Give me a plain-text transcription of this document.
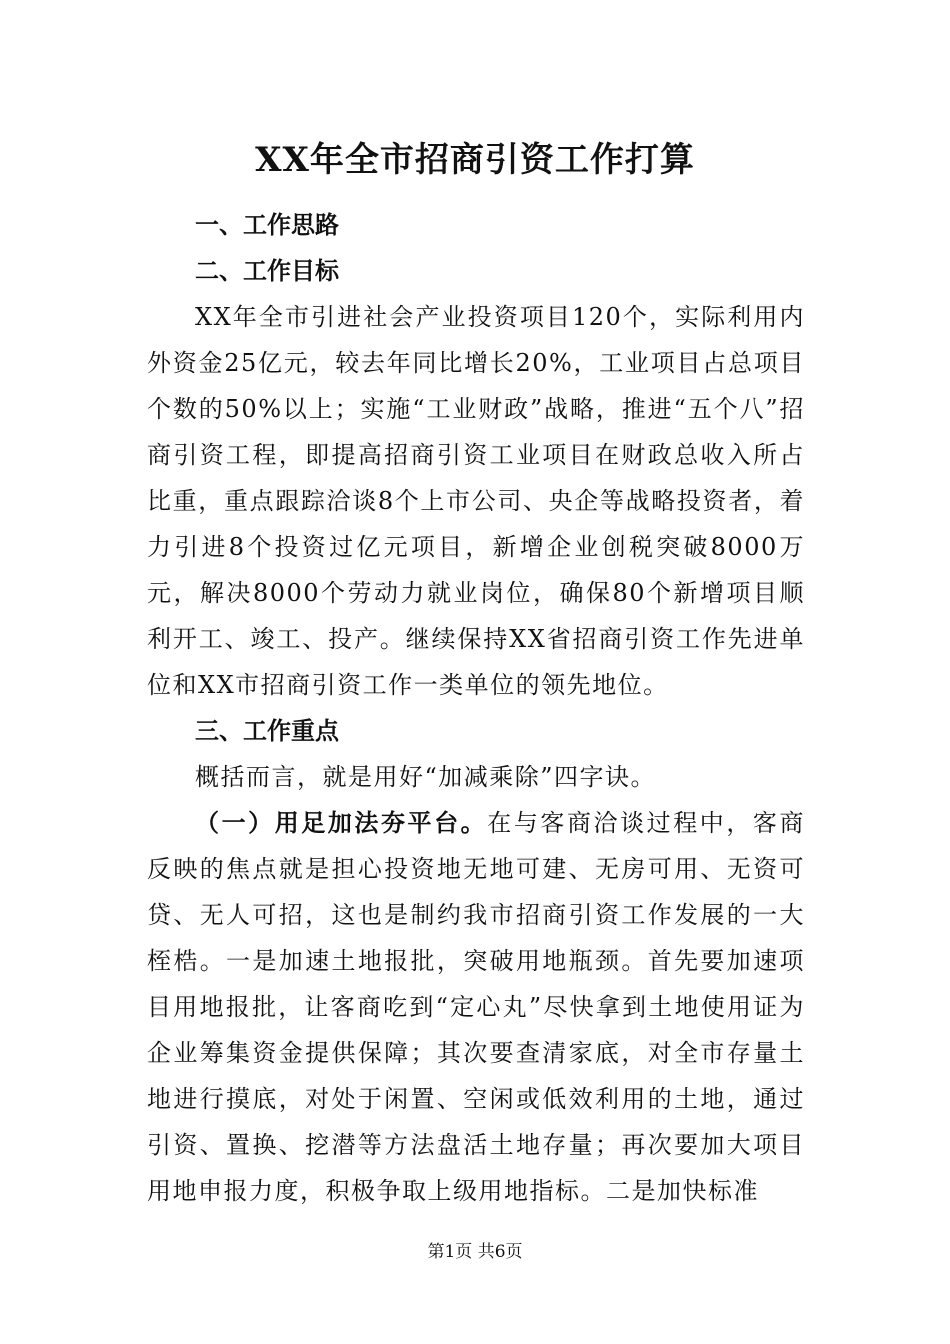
XX年全市招商引资工作打算

一、工作思路

二、工作目标

XX年全市引进社会产业投资项目120个，实际利用内外资金25亿元，较去年同比增长20%，工业项目占总项目个数的50%以上；实施“工业财政”战略，推进“五个八”招商引资工程，即提高招商引资工业项目在财政总收入所占比重，重点跟踪洽谈8个上市公司、央企等战略投资者，着力引进8个投资过亿元项目，新增企业创税突破8000万元，解决8000个劳动力就业岗位，确保80个新增项目顺利开工、竣工、投产。继续保持XX省招商引资工作先进单位和XX市招商引资工作一类单位的领先地位。

三、工作重点

概括而言，就是用好“加减乘除”四字诀。

（一）用足加法夯平台。在与客商洽谈过程中，客商反映的焦点就是担心投资地无地可建、无房可用、无资可贷、无人可招，这也是制约我市招商引资工作发展的一大桎梏。一是加速土地报批，突破用地瓶颈。首先要加速项目用地报批，让客商吃到“定心丸”尽快拿到土地使用证为企业筹集资金提供保障；其次要查清家底，对全市存量土地进行摸底，对处于闲置、空闲或低效利用的土地，通过引资、置换、挖潜等方法盘活土地存量；再次要加大项目用地申报力度，积极争取上级用地指标。二是加快标准

第1页 共6页
